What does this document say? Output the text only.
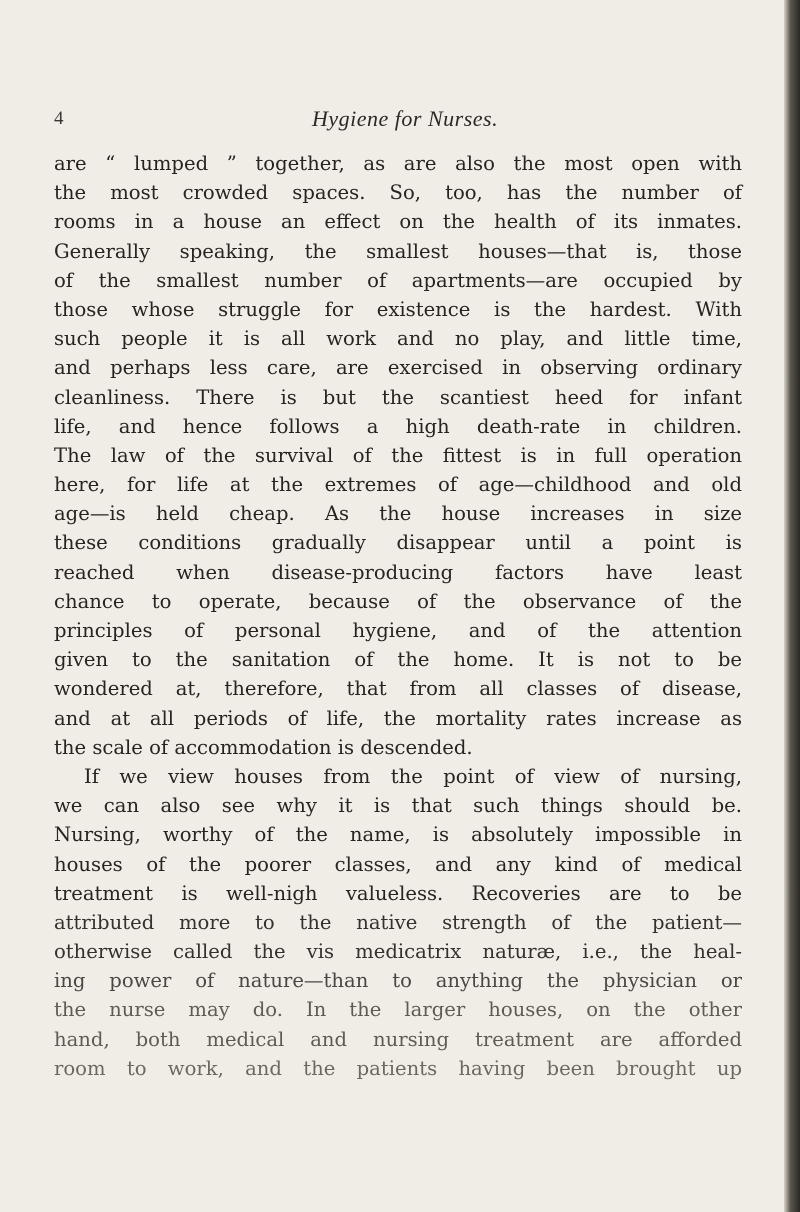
4	Hygiene for Nurses.
are “ lumped ” together, as are also the most open with
the most crowded spaces. So, too, has the number of
rooms in a house an effect on the health of its inmates.
Generally speaking, the smallest houses—that is, those
of the smallest number of apartments—are occupied by
those whose struggle for existence is the hardest. With
such people it is all work and no play, and little time,
and perhaps less care, are exercised in observing ordinary
cleanliness. There is but the scantiest heed for infant
life, and hence follows a high death-rate in children.
The law of the survival of the fittest is in full operation
here, for life at the extremes of age—childhood and old
age—is held cheap. As the house increases in size
these conditions gradually disappear until a point is
reached when disease-producing factors have least
chance to operate, because of the observance of the
principles of personal hygiene, and of the attention
given to the sanitation of the home. It is not to be
wondered at, therefore, that from all classes of disease,
and at all periods of life, the mortality rates increase as
the scale of accommodation is descended.
If we view houses from the point of view of nursing,
we can also see why it is that such things should be.
Nursing, worthy of the name, is absolutely impossible in
houses of the poorer classes, and any kind of medical
treatment is well-nigh valueless. Recoveries are to be
attributed more to the native strength of the patient—
otherwise called the vis medicatrix naturæ, i.e., the heal-
ing power of nature—than to anything the physician or
the nurse may do. In the larger houses, on the other
hand, both medical and nursing treatment are afforded
room to work, and the patients having been brought up
